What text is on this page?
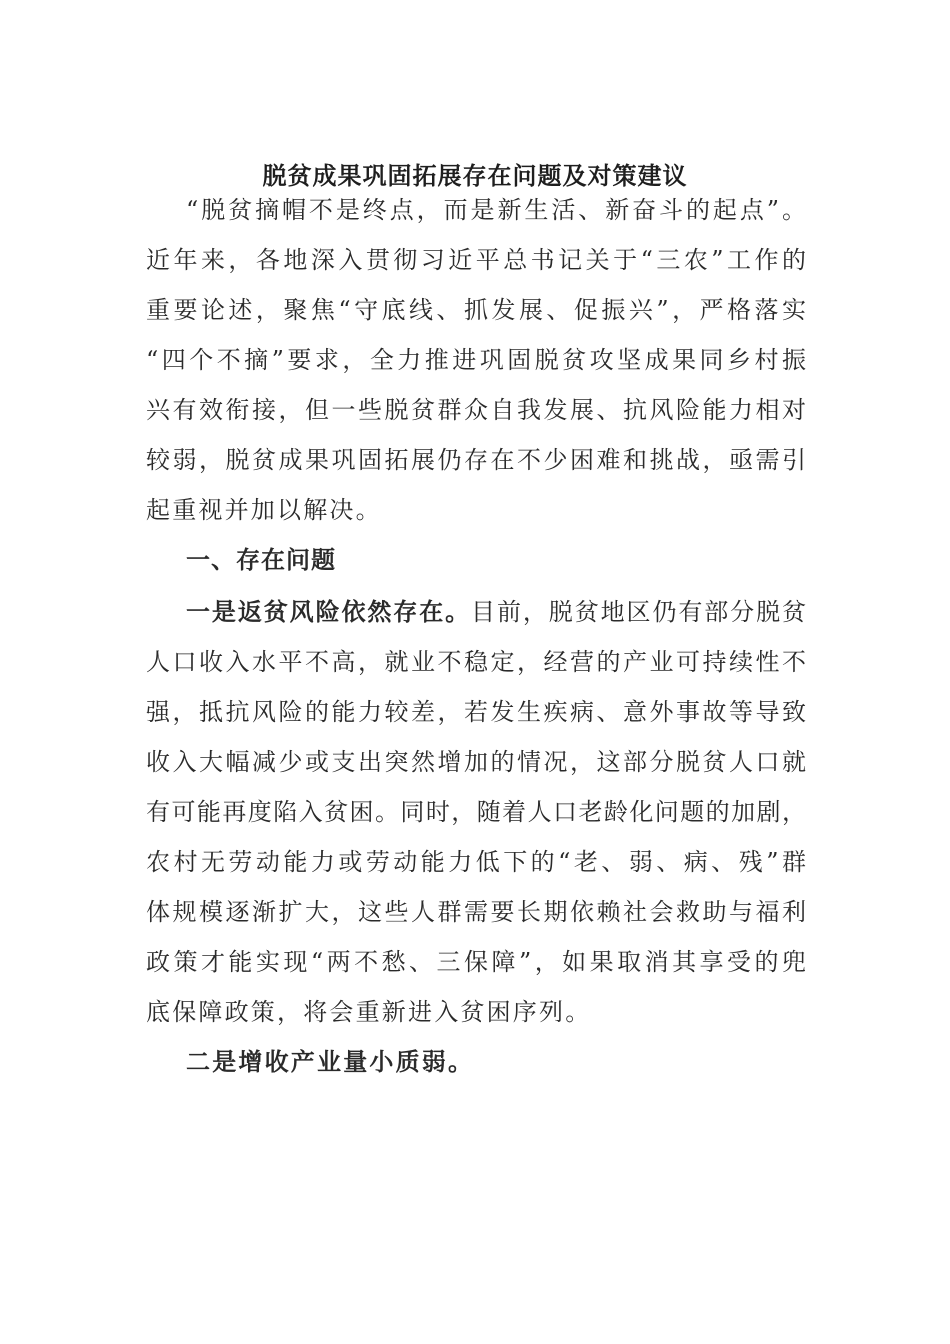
脱贫成果巩固拓展存在问题及对策建议
“脱贫摘帽不是终点，而是新生活、新奋斗的起点”。
近年来，各地深入贯彻习近平总书记关于“三农”工作的
重要论述，聚焦“守底线、抓发展、促振兴”，严格落实
“四个不摘”要求，全力推进巩固脱贫攻坚成果同乡村振
兴有效衔接，但一些脱贫群众自我发展、抗风险能力相对
较弱，脱贫成果巩固拓展仍存在不少困难和挑战，亟需引
起重视并加以解决。
一、存在问题
一是返贫风险依然存在。目前，脱贫地区仍有部分脱贫
人口收入水平不高，就业不稳定，经营的产业可持续性不
强，抵抗风险的能力较差，若发生疾病、意外事故等导致
收入大幅减少或支出突然增加的情况，这部分脱贫人口就
有可能再度陷入贫困。同时，随着人口老龄化问题的加剧，
农村无劳动能力或劳动能力低下的“老、弱、病、残”群
体规模逐渐扩大，这些人群需要长期依赖社会救助与福利
政策才能实现“两不愁、三保障”，如果取消其享受的兜
底保障政策，将会重新进入贫困序列。
二是增收产业量小质弱。
